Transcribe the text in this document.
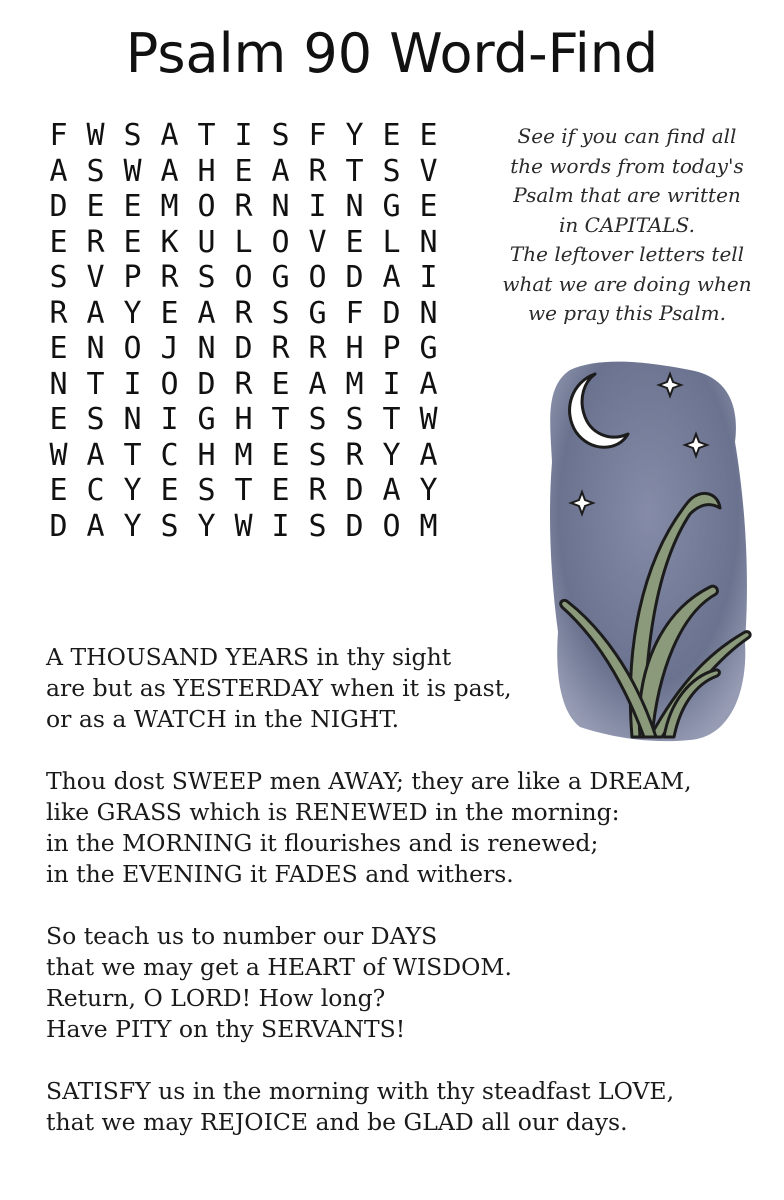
Psalm 90 Word-Find
F W S A T I S F Y E E
A S W A H E A R T S V
D E E M O R N I N G E
E R E K U L O V E L N
S V P R S O G O D A I
R A Y E A R S G F D N
E N O J N D R R H P G
N T I O D R E A M I A
E S N I G H T S S T W
W A T C H M E S R Y A
E C Y E S T E R D A Y
D A Y S Y W I S D O M
See if you can find all
the words from today's
Psalm that are written
in CAPITALS.
The leftover letters tell
what we are doing when
we pray this Psalm.
A THOUSAND YEARS in thy sight
are but as YESTERDAY when it is past,
or as a WATCH in the NIGHT.
Thou dost SWEEP men AWAY; they are like a DREAM,
like GRASS which is RENEWED in the morning:
in the MORNING it flourishes and is renewed;
in the EVENING it FADES and withers.
So teach us to number our DAYS
that we may get a HEART of WISDOM.
Return, O LORD! How long?
Have PITY on thy SERVANTS!
SATISFY us in the morning with thy steadfast LOVE,
that we may REJOICE and be GLAD all our days.
